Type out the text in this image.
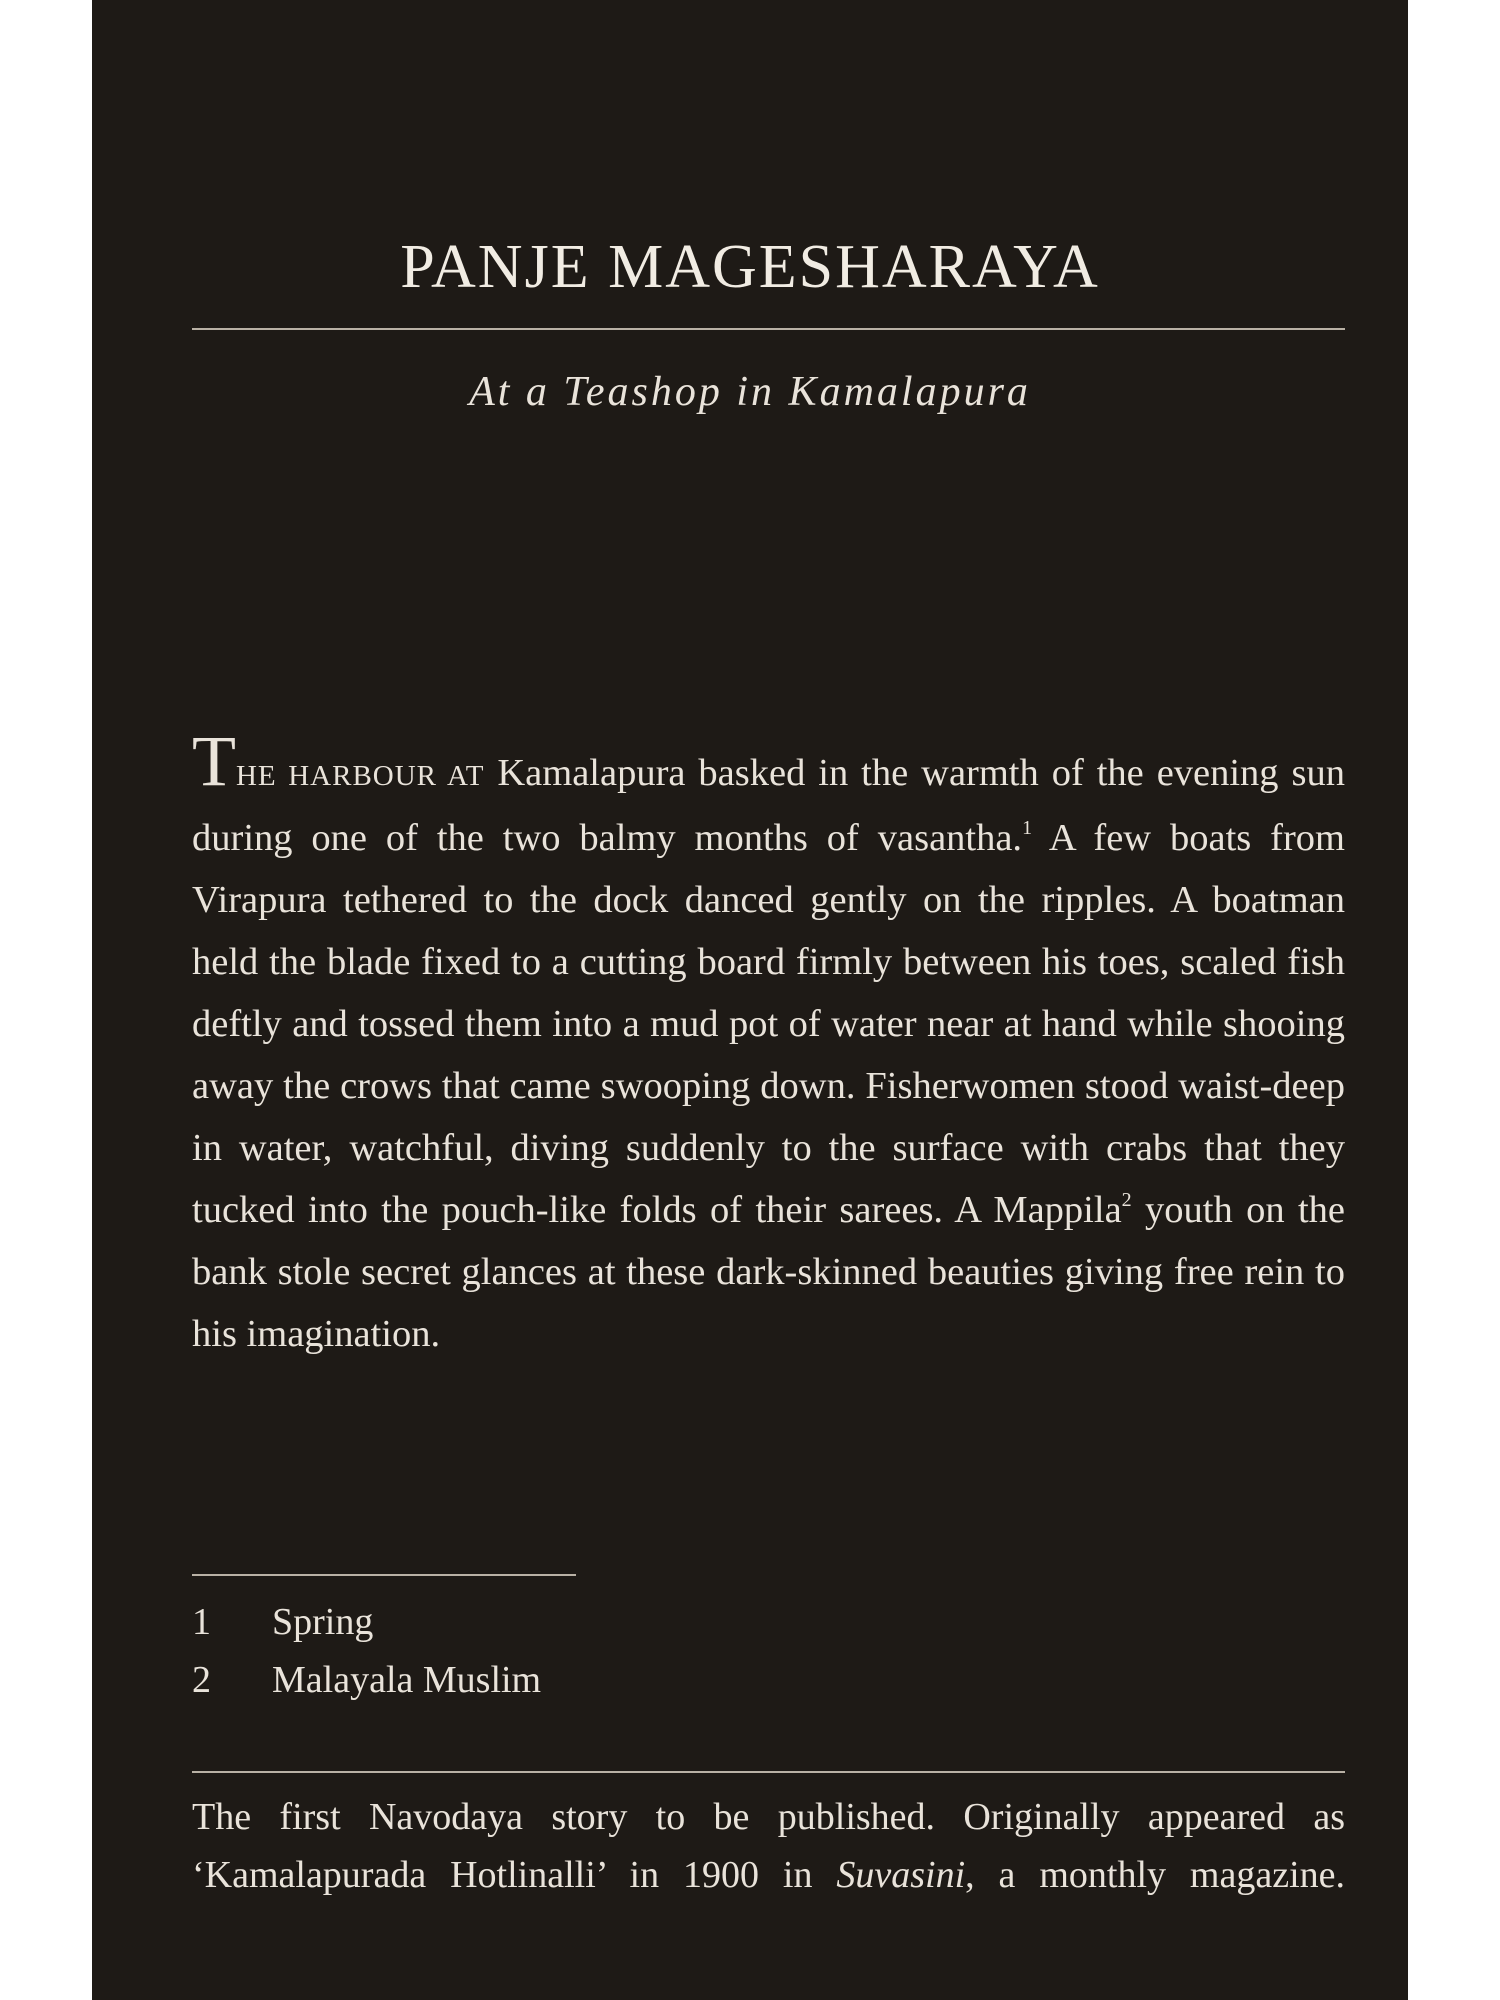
PANJE MAGESHARAYA
At a Teashop in Kamalapura

THE HARBOUR AT Kamalapura basked in the warmth of the evening sun during one of the two balmy months of vasantha.$^1$ A few boats from Virapura tethered to the dock danced gently on the ripples. A boatman held the blade fixed to a cutting board firmly between his toes, scaled fish deftly and tossed them into a mud pot of water near at hand while shooing away the crows that came swooping down. Fisherwomen stood waist-deep in water, watchful, diving suddenly to the surface with crabs that they tucked into the pouch-like folds of their sarees. A Mappila$^2$ youth on the bank stole secret glances at these dark-skinned beauties giving free rein to his imagination.

1 Spring
2 Malayala Muslim
The first Navodaya story to be published. Originally appeared as
‘Kamalapurada Hotlinalli’ in 1900 in Suvasini, a monthly magazine.
